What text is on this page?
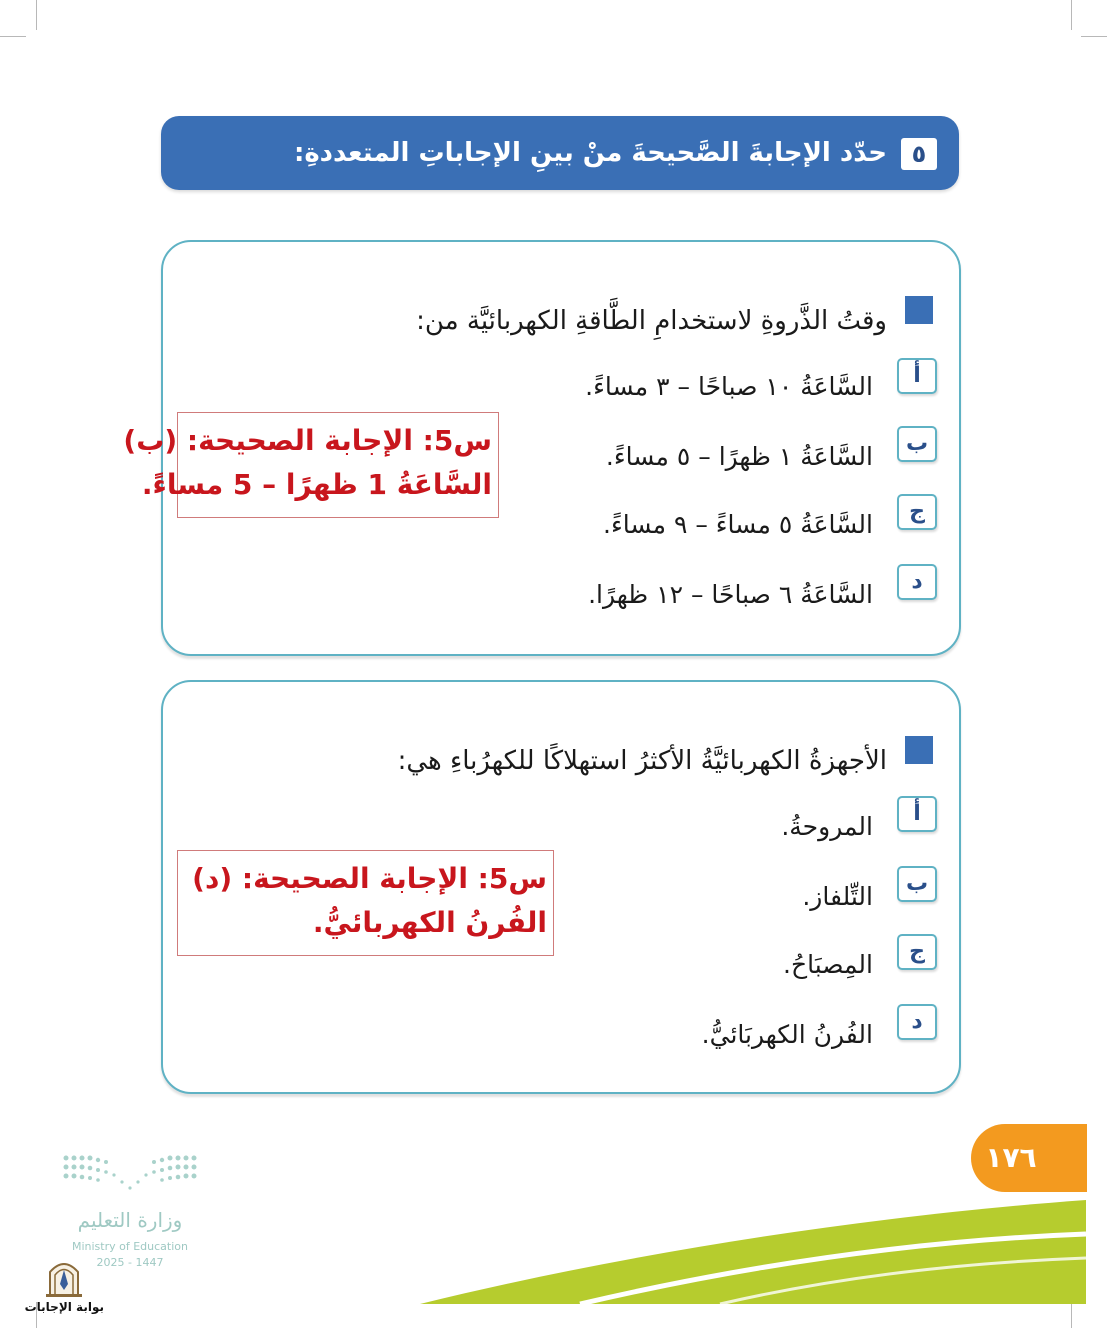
٥
حدّد الإجابةَ الصَّحيحةَ منْ بينِ الإجاباتِ المتعددةِ:
وقتُ الذَّروةِ لاستخدامِ الطَّاقةِ الكهربائيَّة من:
أ
السَّاعَةُ ١٠ صباحًا – ٣ مساءً.
ب
السَّاعَةُ ١ ظهرًا – ٥ مساءً.
ج
السَّاعَةُ ٥ مساءً – ٩ مساءً.
د
السَّاعَةُ ٦ صباحًا – ١٢ ظهرًا.
س5: الإجابة الصحيحة: (ب)
السَّاعَةُ 1 ظهرًا – 5 مساءً.
الأجهزةُ الكهربائيَّةُ الأكثرُ استهلاكًا للكهرُباءِ هي:
أ
المروحةُ.
ب
التِّلفاز.
ج
المِصبَاحُ.
د
الفُرنُ الكهربَائيُّ.
س5: الإجابة الصحيحة: (د)
الفُرنُ الكهربائيُّ.
١٧٦
وزارة التعليم
Ministry of Education
2025 - 1447
بوابة الإجابات
